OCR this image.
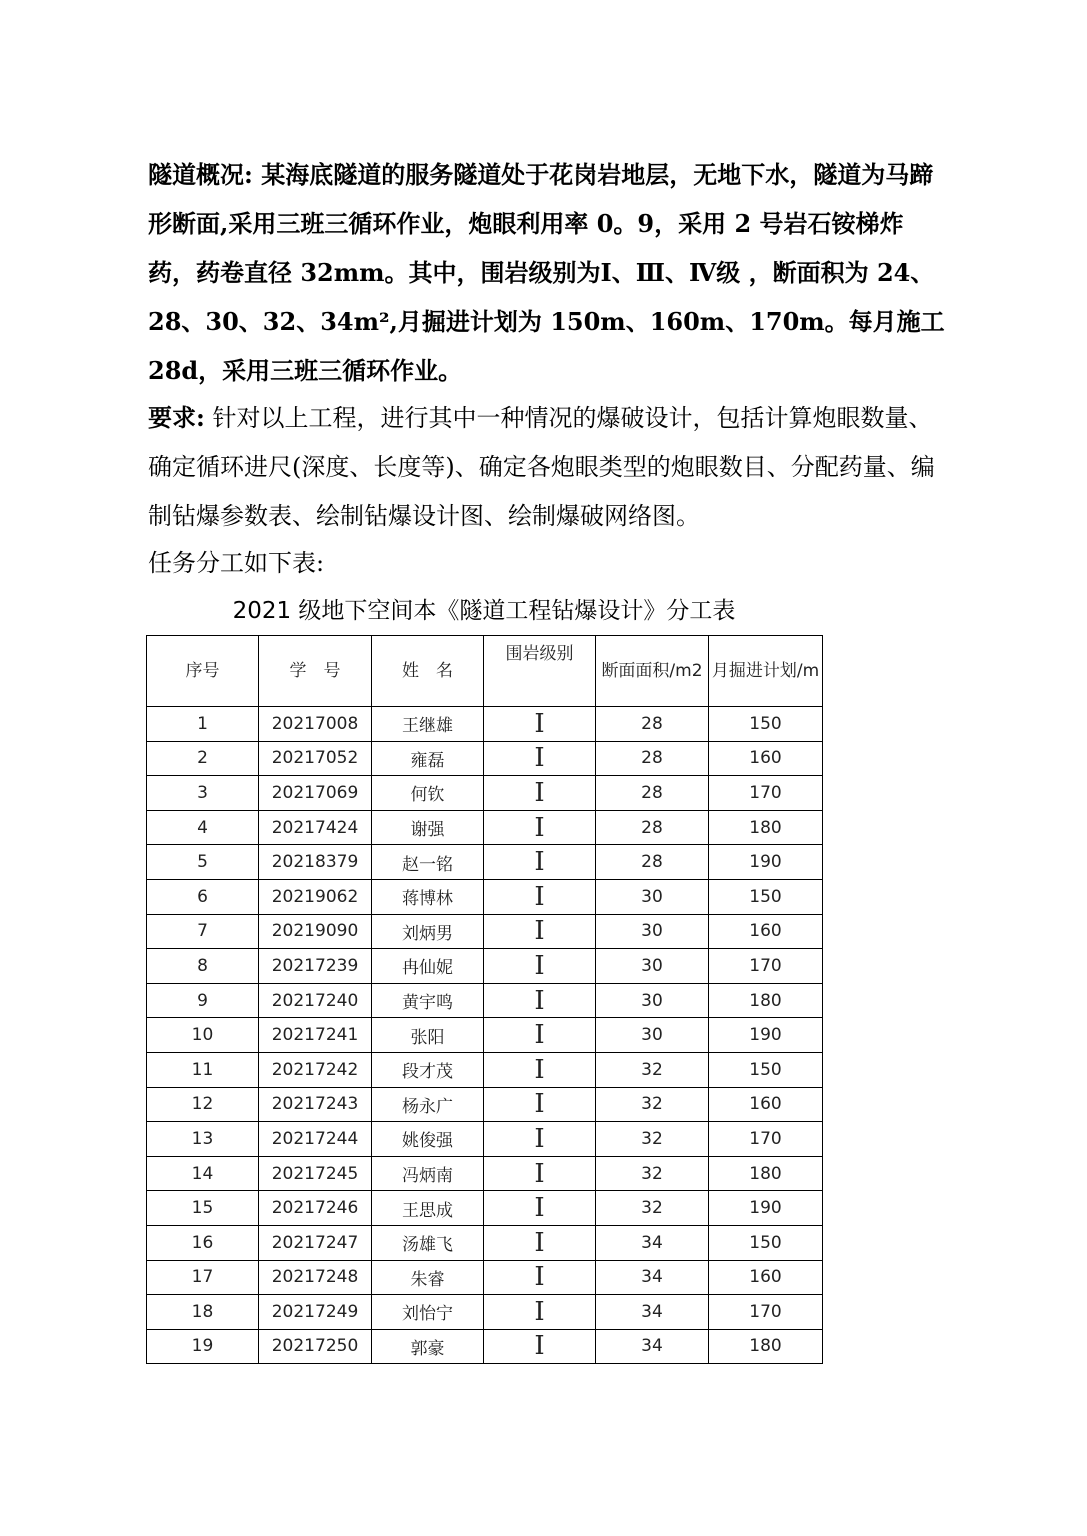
隧道概况: 某海底隧道的服务隧道处于花岗岩地层，无地下水，隧道为马蹄形断面,采用三班三循环作业，炮眼利用率 0。9，采用 2 号岩石铵梯炸药，药卷直径 32mm。其中，围岩级别为Ⅰ、Ⅲ、Ⅳ级 ，断面积为 24、28、30、32、34m²,月掘进计划为 150m、160m、170m。每月施工 28d，采用三班三循环作业。

要求: 针对以上工程，进行其中一种情况的爆破设计，包括计算炮眼数量、确定循环进尺(深度、长度等)、确定各炮眼类型的炮眼数目、分配药量、编制钻爆参数表、绘制钻爆设计图、绘制爆破网络图。

任务分工如下表:

2021 级地下空间本《隧道工程钻爆设计》分工表
序号	学　号	姓　名	围岩级别	断面面积/m2	月掘进计划/m
1	20217008	王继雄	I	28	150
2	20217052	雍磊	I	28	160
3	20217069	何钦	I	28	170
4	20217424	谢强	I	28	180
5	20218379	赵一铭	I	28	190
6	20219062	蒋博林	I	30	150
7	20219090	刘炳男	I	30	160
8	20217239	冉仙妮	I	30	170
9	20217240	黄宇鸣	I	30	180
10	20217241	张阳	I	30	190
11	20217242	段才茂	I	32	150
12	20217243	杨永广	I	32	160
13	20217244	姚俊强	I	32	170
14	20217245	冯炳南	I	32	180
15	20217246	王思成	I	32	190
16	20217247	汤雄飞	I	34	150
17	20217248	朱睿	I	34	160
18	20217249	刘怡宁	I	34	170
19	20217250	郭豪	I	34	180
